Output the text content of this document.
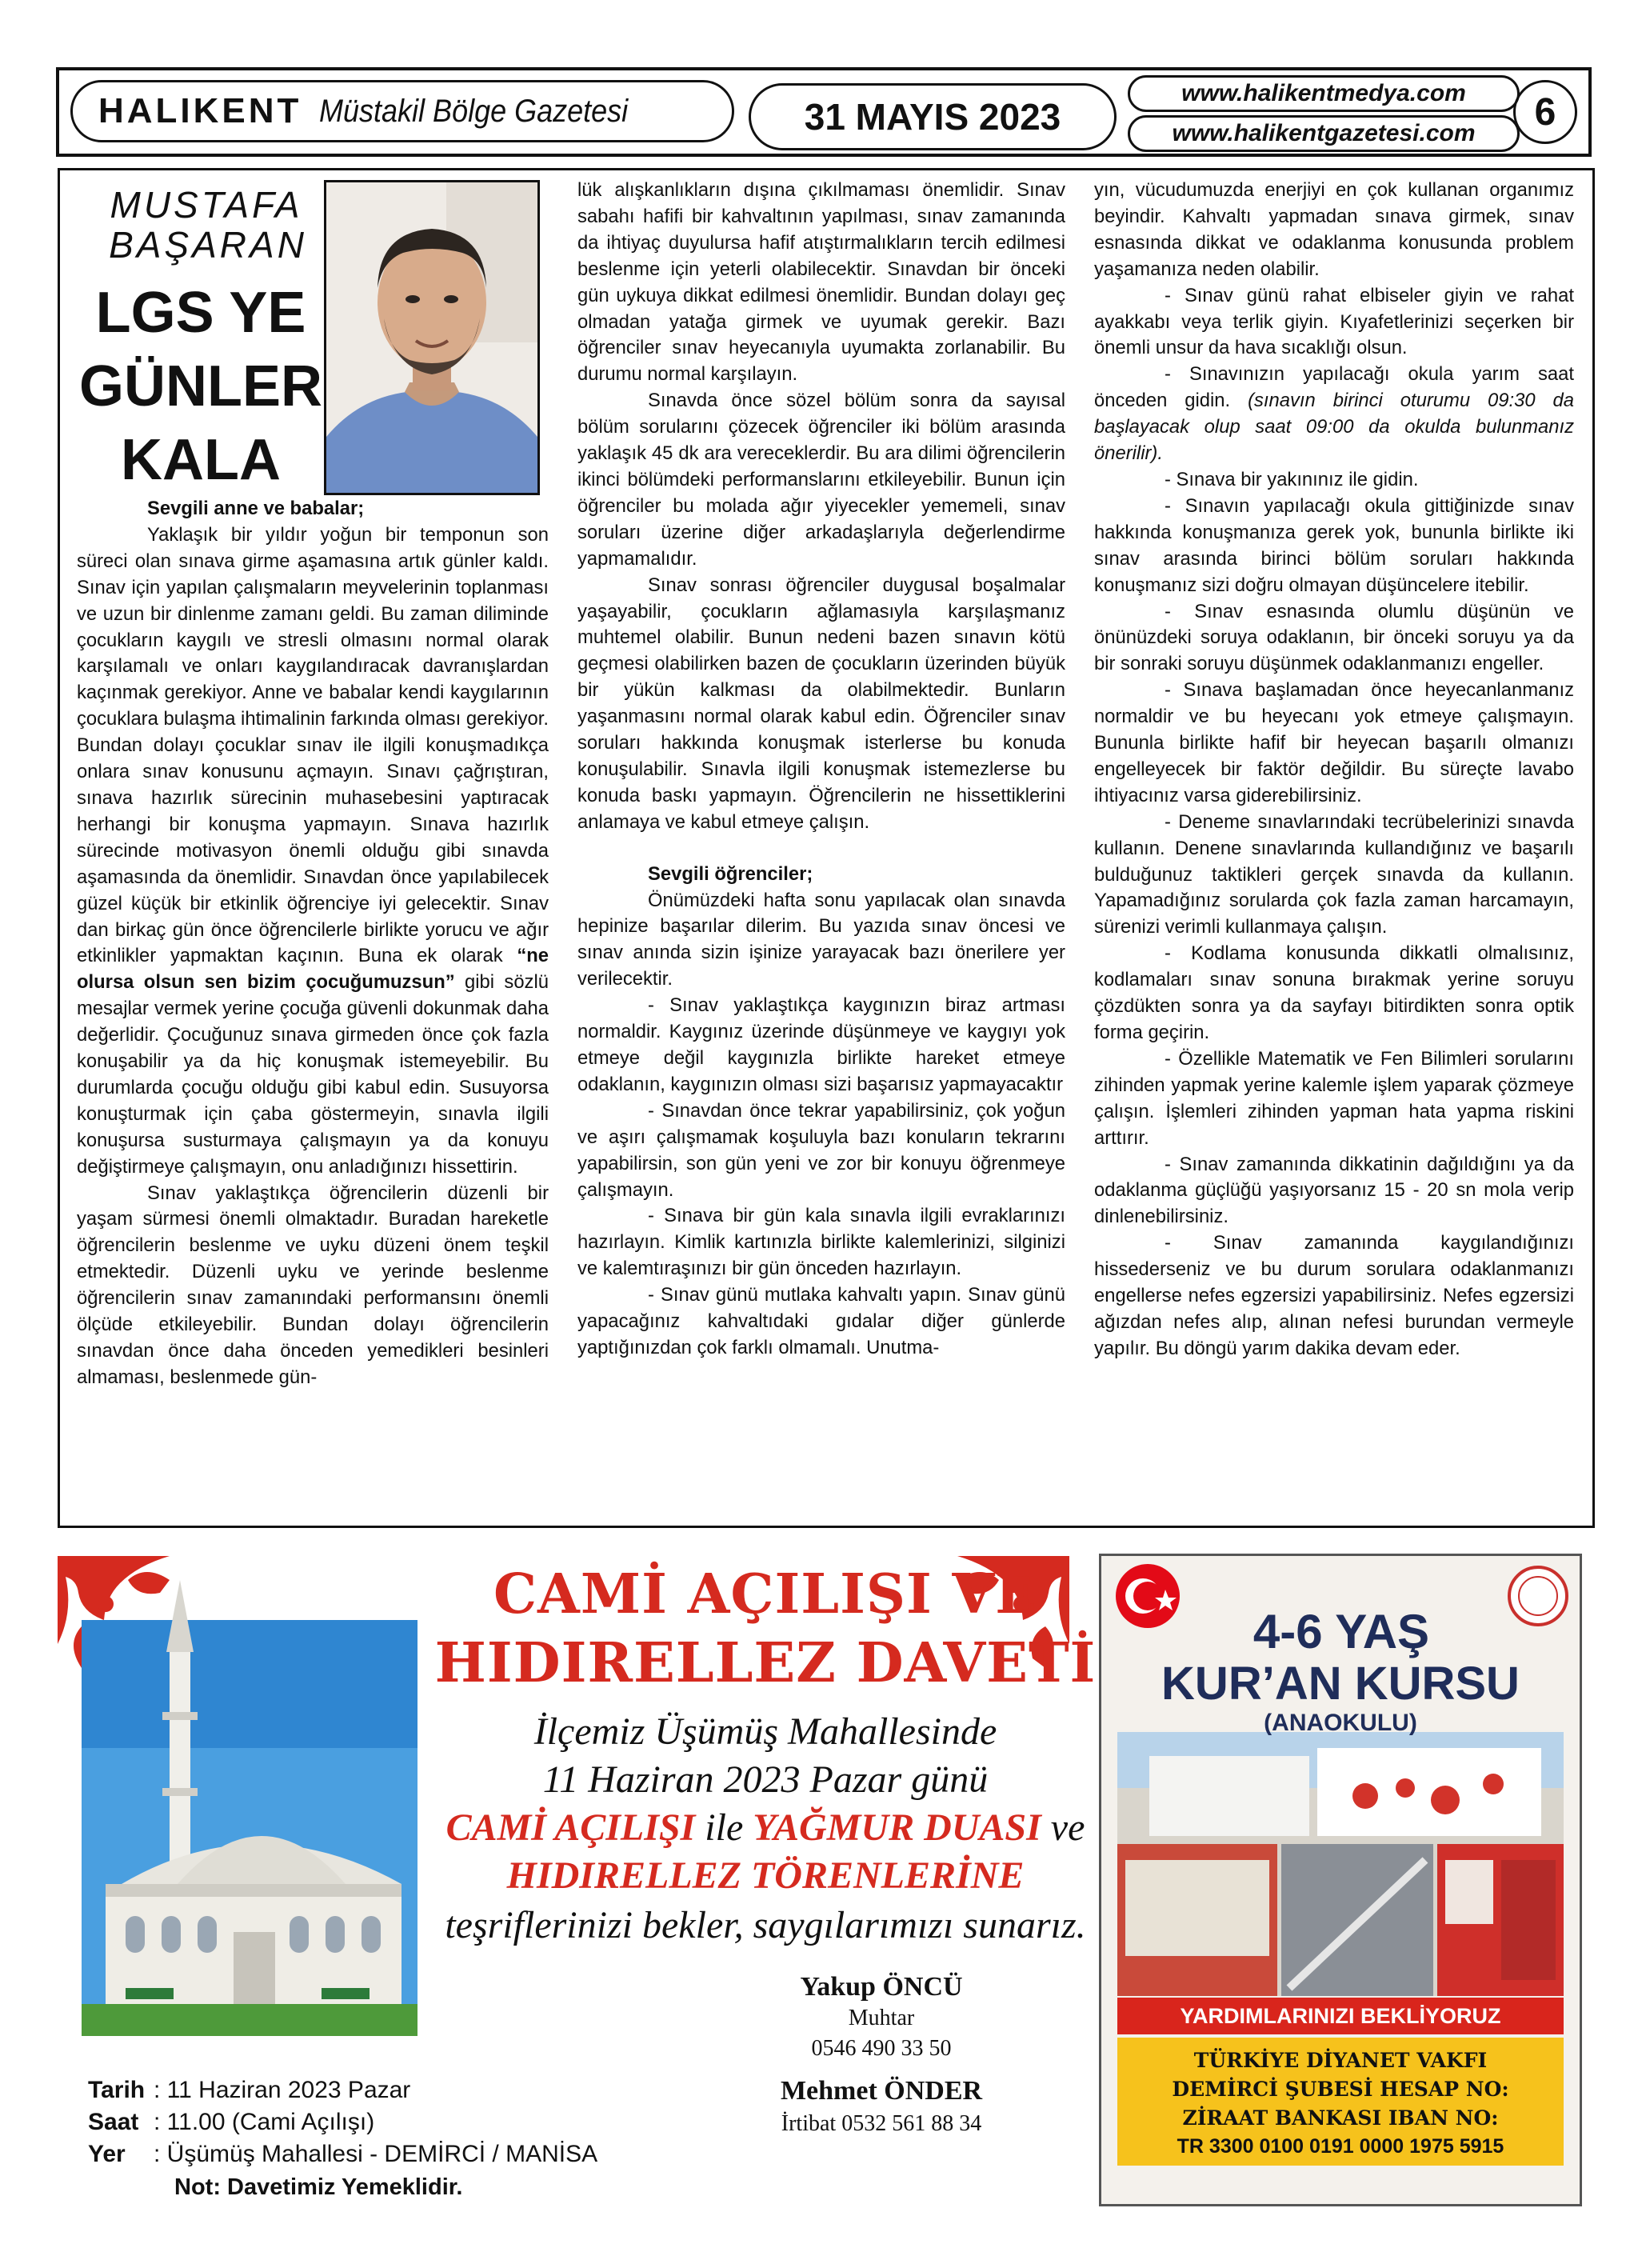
HALIKENT Müstakil Bölge Gazetesi	31 MAYIS 2023
www.halikentmedya.com
www.halikentgazetesi.com	6
MUSTAFA
BAŞARAN
LGS YE
GÜNLER
KALA

Sevgili anne ve babalar;

Yaklaşık bir yıldır yoğun bir temponun son süreci olan sınava girme aşamasına artık günler kaldı. Sınav için yapılan çalışmaların meyvelerinin toplanması ve uzun bir dinlenme zamanı geldi. Bu zaman diliminde çocukların kaygılı ve stresli olmasını normal olarak karşılamalı ve onları kaygılandıracak davranışlardan kaçınmak gerekiyor. Anne ve babalar kendi kaygılarının çocuklara bulaşma ihtimalinin farkında olması gerekiyor. Bundan dolayı çocuklar sınav ile ilgili konuşmadıkça onlara sınav konusunu açmayın. Sınavı çağrıştıran, sınava hazırlık sürecinin muhasebesini yaptıracak herhangi bir konuşma yapmayın. Sınava hazırlık sürecinde motivasyon önemli olduğu gibi sınavda aşamasında da önemlidir. Sınavdan önce yapılabilecek güzel küçük bir etkinlik öğrenciye iyi gelecektir. Sınav dan birkaç gün önce öğrencilerle birlikte yorucu ve ağır etkinlikler yapmaktan kaçının. Buna ek olarak “ne olursa olsun sen bizim çocuğumuzsun” gibi sözlü mesajlar vermek yerine çocuğa güvenli dokunmak daha değerlidir. Çocuğunuz sınava girmeden önce çok fazla konuşabilir ya da hiç konuşmak istemeyebilir. Bu durumlarda çocuğu olduğu gibi kabul edin. Susuyorsa konuşturmak için çaba göstermeyin, sınavla ilgili konuşursa susturmaya çalışmayın ya da konuyu değiştirmeye çalışmayın, onu anladığınızı hissettirin.

Sınav yaklaştıkça öğrencilerin düzenli bir yaşam sürmesi önemli olmaktadır. Buradan hareketle öğrencilerin beslenme ve uyku düzeni önem teşkil etmektedir. Düzenli uyku ve yerinde beslenme öğrencilerin sınav zamanındaki performansını önemli ölçüde etkileyebilir. Bundan dolayı öğrencilerin sınavdan önce daha önceden yemedikleri besinleri almaması, beslenmede gün-

lük alışkanlıkların dışına çıkılmaması önemlidir. Sınav sabahı hafifi bir kahvaltının yapılması, sınav zamanında da ihtiyaç duyulursa hafif atıştırmalıkların tercih edilmesi beslenme için yeterli olabilecektir. Sınavdan bir önceki gün uykuya dikkat edilmesi önemlidir. Bundan dolayı geç olmadan yatağa girmek ve uyumak gerekir. Bazı öğrenciler sınav heyecanıyla uyumakta zorlanabilir. Bu durumu normal karşılayın.

Sınavda önce sözel bölüm sonra da sayısal bölüm sorularını çözecek öğrenciler iki bölüm arasında yaklaşık 45 dk ara vereceklerdir. Bu ara dilimi öğrencilerin ikinci bölümdeki performanslarını etkileyebilir. Bunun için öğrenciler bu molada ağır yiyecekler yememeli, sınav soruları üzerine diğer arkadaşlarıyla değerlendirme yapmamalıdır.

Sınav sonrası öğrenciler duygusal boşalmalar yaşayabilir, çocukların ağlamasıyla karşılaşmanız muhtemel olabilir. Bunun nedeni bazen sınavın kötü geçmesi olabilirken bazen de çocukların üzerinden büyük bir yükün kalkması da olabilmektedir. Bunların yaşanmasını normal olarak kabul edin. Öğrenciler sınav soruları hakkında konuşmak isterlerse bu konuda konuşulabilir. Sınavla ilgili konuşmak istemezlerse bu konuda baskı yapmayın. Öğrencilerin ne hissettiklerini anlamaya ve kabul etmeye çalışın.

Sevgili öğrenciler;

Önümüzdeki hafta sonu yapılacak olan sınavda hepinize başarılar dilerim. Bu yazıda sınav öncesi ve sınav anında sizin işinize yarayacak bazı önerilere yer verilecektir.

- Sınav yaklaştıkça kaygınızın biraz artması normaldir. Kaygınız üzerinde düşünmeye ve kaygıyı yok etmeye değil kaygınızla birlikte hareket etmeye odaklanın, kaygınızın olması sizi başarısız yapmayacaktır

- Sınavdan önce tekrar yapabilirsiniz, çok yoğun ve aşırı çalışmamak koşuluyla bazı konuların tekrarını yapabilirsin, son gün yeni ve zor bir konuyu öğrenmeye çalışmayın.

- Sınava bir gün kala sınavla ilgili evraklarınızı hazırlayın. Kimlik kartınızla birlikte kalemlerinizi, silginizi ve kalemtıraşınızı bir gün önceden hazırlayın.

- Sınav günü mutlaka kahvaltı yapın. Sınav günü yapacağınız kahvaltıdaki gıdalar diğer günlerde yaptığınızdan çok farklı olmamalı. Unutma-

yın, vücudumuzda enerjiyi en çok kullanan organımız beyindir. Kahvaltı yapmadan sınava girmek, sınav esnasında dikkat ve odaklanma konusunda problem yaşamanıza neden olabilir.

- Sınav günü rahat elbiseler giyin ve rahat ayakkabı veya terlik giyin. Kıyafetlerinizi seçerken bir önemli unsur da hava sıcaklığı olsun.

- Sınavınızın yapılacağı okula yarım saat önceden gidin. (sınavın birinci oturumu 09:30 da başlayacak olup saat 09:00 da okulda bulunmanız önerilir).

- Sınava bir yakınınız ile gidin.

- Sınavın yapılacağı okula gittiğinizde sınav hakkında konuşmanıza gerek yok, bununla birlikte iki sınav arasında birinci bölüm soruları hakkında konuşmanız sizi doğru olmayan düşüncelere itebilir.

- Sınav esnasında olumlu düşünün ve önünüzdeki soruya odaklanın, bir önceki soruyu ya da bir sonraki soruyu düşünmek odaklanmanızı engeller.

- Sınava başlamadan önce heyecanlanmanız normaldir ve bu heyecanı yok etmeye çalışmayın. Bununla birlikte hafif bir heyecan başarılı olmanızı engelleyecek bir faktör değildir. Bu süreçte lavabo ihtiyacınız varsa giderebilirsiniz.

- Deneme sınavlarındaki tecrübelerinizi sınavda kullanın. Denene sınavlarında kullandığınız ve başarılı bulduğunuz taktikleri gerçek sınavda da kullanın. Yapamadığınız sorularda çok fazla zaman harcamayın, sürenizi verimli kullanmaya çalışın.

- Kodlama konusunda dikkatli olmalısınız, kodlamaları sınav sonuna bırakmak yerine soruyu çözdükten sonra ya da sayfayı bitirdikten sonra optik forma geçirin.

- Özellikle Matematik ve Fen Bilimleri sorularını zihinden yapmak yerine kalemle işlem yaparak çözmeye çalışın. İşlemleri zihinden yapman hata yapma riskini arttırır.

- Sınav zamanında dikkatinin dağıldığını ya da odaklanma güçlüğü yaşıyorsanız 15 - 20 sn mola verip dinlenebilirsiniz.

- Sınav zamanında kaygılandığınızı hissederseniz ve bu durum sorulara odaklanmanızı engellerse nefes egzersizi yapabilirsiniz. Nefes egzersizi ağızdan nefes alıp, alınan nefesi burundan vermeyle yapılır. Bu döngü yarım dakika devam eder.

CAMİ AÇILIŞI VE
HIDIRELLEZ DAVETİ
İlçemiz Üşümüş Mahallesinde
11 Haziran 2023 Pazar günü
CAMİ AÇILIŞI ile YAĞMUR DUASI ve
HIDIRELLEZ TÖRENLERİNE
teşriflerinizi bekler, saygılarımızı sunarız.
Yakup ÖNCÜ
Muhtar
0546 490 33 50
Mehmet ÖNDER
İrtibat 0532 561 88 34
Tarih : 11 Haziran 2023 Pazar
Saat : 11.00 (Cami Açılışı)
Yer	: Üşümüş Mahallesi - DEMİRCİ / MANİSA
Not: Davetimiz Yemeklidir.
4-6 YAŞ
KUR’AN KURSU
(ANAOKULU)
YARDIMLARINIZI BEKLİYORUZ
TÜRKİYE DİYANET VAKFI
DEMİRCİ ŞUBESİ HESAP NO:
ZİRAAT BANKASI IBAN NO:
TR 3300 0100 0191 0000 1975 5915
